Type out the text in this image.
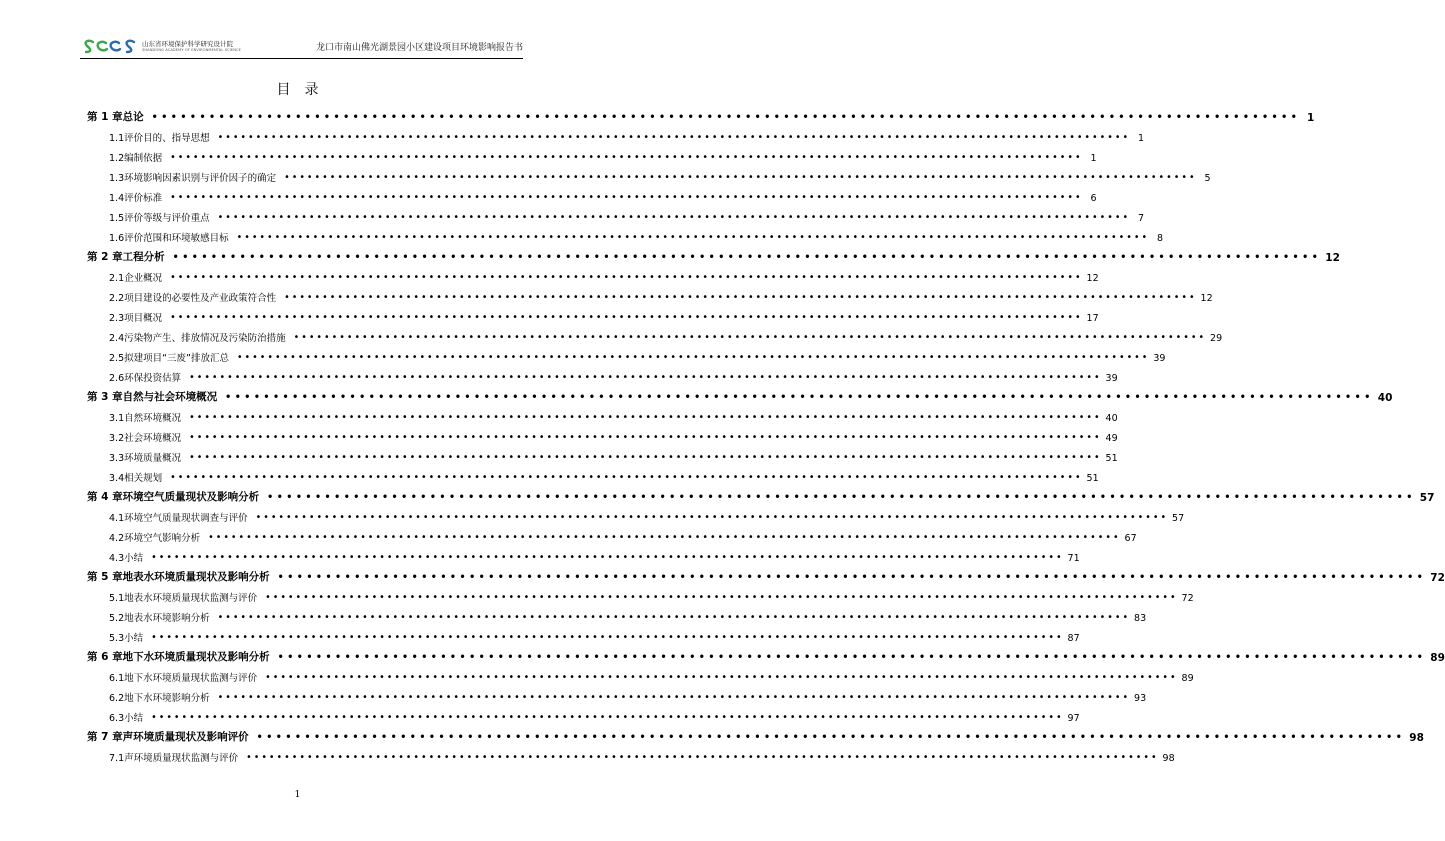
山东省环境保护科学研究设计院
SHANDONG ACADEMY OF ENVIRONMENTAL SCIENCE	龙口市南山佛光湖景园小区建设项目环境影响报告书
目录
第 1 章 总论 •••••••••••••••••••••••••••••••••••••••••••••••••••••••••••••••••••••••••••••••••••••••••••••••••••••••••••••••••••••••• 1
1.1 评价目的、指导思想 •••••••••••••••••••••••••••••••••••••••••••••••••••••••••••••••••••••••••••••••••••••••••••••••••••••••••••••••••••••••• 1
1.2 编制依据 •••••••••••••••••••••••••••••••••••••••••••••••••••••••••••••••••••••••••••••••••••••••••••••••••••••••••••••••••••••••• 1
1.3 环境影响因素识别与评价因子的确定 •••••••••••••••••••••••••••••••••••••••••••••••••••••••••••••••••••••••••••••••••••••••••••••••••••••••••••••••••••••••• 5
1.4 评价标准 •••••••••••••••••••••••••••••••••••••••••••••••••••••••••••••••••••••••••••••••••••••••••••••••••••••••••••••••••••••••• 6
1.5 评价等级与评价重点 •••••••••••••••••••••••••••••••••••••••••••••••••••••••••••••••••••••••••••••••••••••••••••••••••••••••••••••••••••••••• 7
1.6 评价范围和环境敏感目标 •••••••••••••••••••••••••••••••••••••••••••••••••••••••••••••••••••••••••••••••••••••••••••••••••••••••••••••••••••••••• 8
第 2 章 工程分析 •••••••••••••••••••••••••••••••••••••••••••••••••••••••••••••••••••••••••••••••••••••••••••••••••••••••••••••••••••••••• 12
2.1 企业概况 •••••••••••••••••••••••••••••••••••••••••••••••••••••••••••••••••••••••••••••••••••••••••••••••••••••••••••••••••••••••• 12
2.2 项目建设的必要性及产业政策符合性 •••••••••••••••••••••••••••••••••••••••••••••••••••••••••••••••••••••••••••••••••••••••••••••••••••••••••••••••••••••••• 12
2.3 项目概况 •••••••••••••••••••••••••••••••••••••••••••••••••••••••••••••••••••••••••••••••••••••••••••••••••••••••••••••••••••••••• 17
2.4 污染物产生、排放情况及污染防治措施 •••••••••••••••••••••••••••••••••••••••••••••••••••••••••••••••••••••••••••••••••••••••••••••••••••••••••••••••••••••••• 29
2.5 拟建项目“三废”排放汇总 •••••••••••••••••••••••••••••••••••••••••••••••••••••••••••••••••••••••••••••••••••••••••••••••••••••••••••••••••••••••• 39
2.6 环保投资估算 •••••••••••••••••••••••••••••••••••••••••••••••••••••••••••••••••••••••••••••••••••••••••••••••••••••••••••••••••••••••• 39
第 3 章 自然与社会环境概况 •••••••••••••••••••••••••••••••••••••••••••••••••••••••••••••••••••••••••••••••••••••••••••••••••••••••••••••••••••••••• 40
3.1 自然环境概况 •••••••••••••••••••••••••••••••••••••••••••••••••••••••••••••••••••••••••••••••••••••••••••••••••••••••••••••••••••••••• 40
3.2 社会环境概况 •••••••••••••••••••••••••••••••••••••••••••••••••••••••••••••••••••••••••••••••••••••••••••••••••••••••••••••••••••••••• 49
3.3 环境质量概况 •••••••••••••••••••••••••••••••••••••••••••••••••••••••••••••••••••••••••••••••••••••••••••••••••••••••••••••••••••••••• 51
3.4 相关规划 •••••••••••••••••••••••••••••••••••••••••••••••••••••••••••••••••••••••••••••••••••••••••••••••••••••••••••••••••••••••• 51
第 4 章 环境空气质量现状及影响分析 •••••••••••••••••••••••••••••••••••••••••••••••••••••••••••••••••••••••••••••••••••••••••••••••••••••••••••••••••••••••• 57
4.1 环境空气质量现状调查与评价 •••••••••••••••••••••••••••••••••••••••••••••••••••••••••••••••••••••••••••••••••••••••••••••••••••••••••••••••••••••••• 57
4.2 环境空气影响分析 •••••••••••••••••••••••••••••••••••••••••••••••••••••••••••••••••••••••••••••••••••••••••••••••••••••••••••••••••••••••• 67
4.3 小结 •••••••••••••••••••••••••••••••••••••••••••••••••••••••••••••••••••••••••••••••••••••••••••••••••••••••••••••••••••••••• 71
第 5 章 地表水环境质量现状及影响分析 •••••••••••••••••••••••••••••••••••••••••••••••••••••••••••••••••••••••••••••••••••••••••••••••••••••••••••••••••••••••• 72
5.1 地表水环境质量现状监测与评价 •••••••••••••••••••••••••••••••••••••••••••••••••••••••••••••••••••••••••••••••••••••••••••••••••••••••••••••••••••••••• 72
5.2 地表水环境影响分析 •••••••••••••••••••••••••••••••••••••••••••••••••••••••••••••••••••••••••••••••••••••••••••••••••••••••••••••••••••••••• 83
5.3 小结 •••••••••••••••••••••••••••••••••••••••••••••••••••••••••••••••••••••••••••••••••••••••••••••••••••••••••••••••••••••••• 87
第 6 章 地下水环境质量现状及影响分析 •••••••••••••••••••••••••••••••••••••••••••••••••••••••••••••••••••••••••••••••••••••••••••••••••••••••••••••••••••••••• 89
6.1 地下水环境质量现状监测与评价 •••••••••••••••••••••••••••••••••••••••••••••••••••••••••••••••••••••••••••••••••••••••••••••••••••••••••••••••••••••••• 89
6.2 地下水环境影响分析 •••••••••••••••••••••••••••••••••••••••••••••••••••••••••••••••••••••••••••••••••••••••••••••••••••••••••••••••••••••••• 93
6.3 小结 •••••••••••••••••••••••••••••••••••••••••••••••••••••••••••••••••••••••••••••••••••••••••••••••••••••••••••••••••••••••• 97
第 7 章 声环境质量现状及影响评价 •••••••••••••••••••••••••••••••••••••••••••••••••••••••••••••••••••••••••••••••••••••••••••••••••••••••••••••••••••••••• 98
7.1 声环境质量现状监测与评价 •••••••••••••••••••••••••••••••••••••••••••••••••••••••••••••••••••••••••••••••••••••••••••••••••••••••••••••••••••••••• 98
1
